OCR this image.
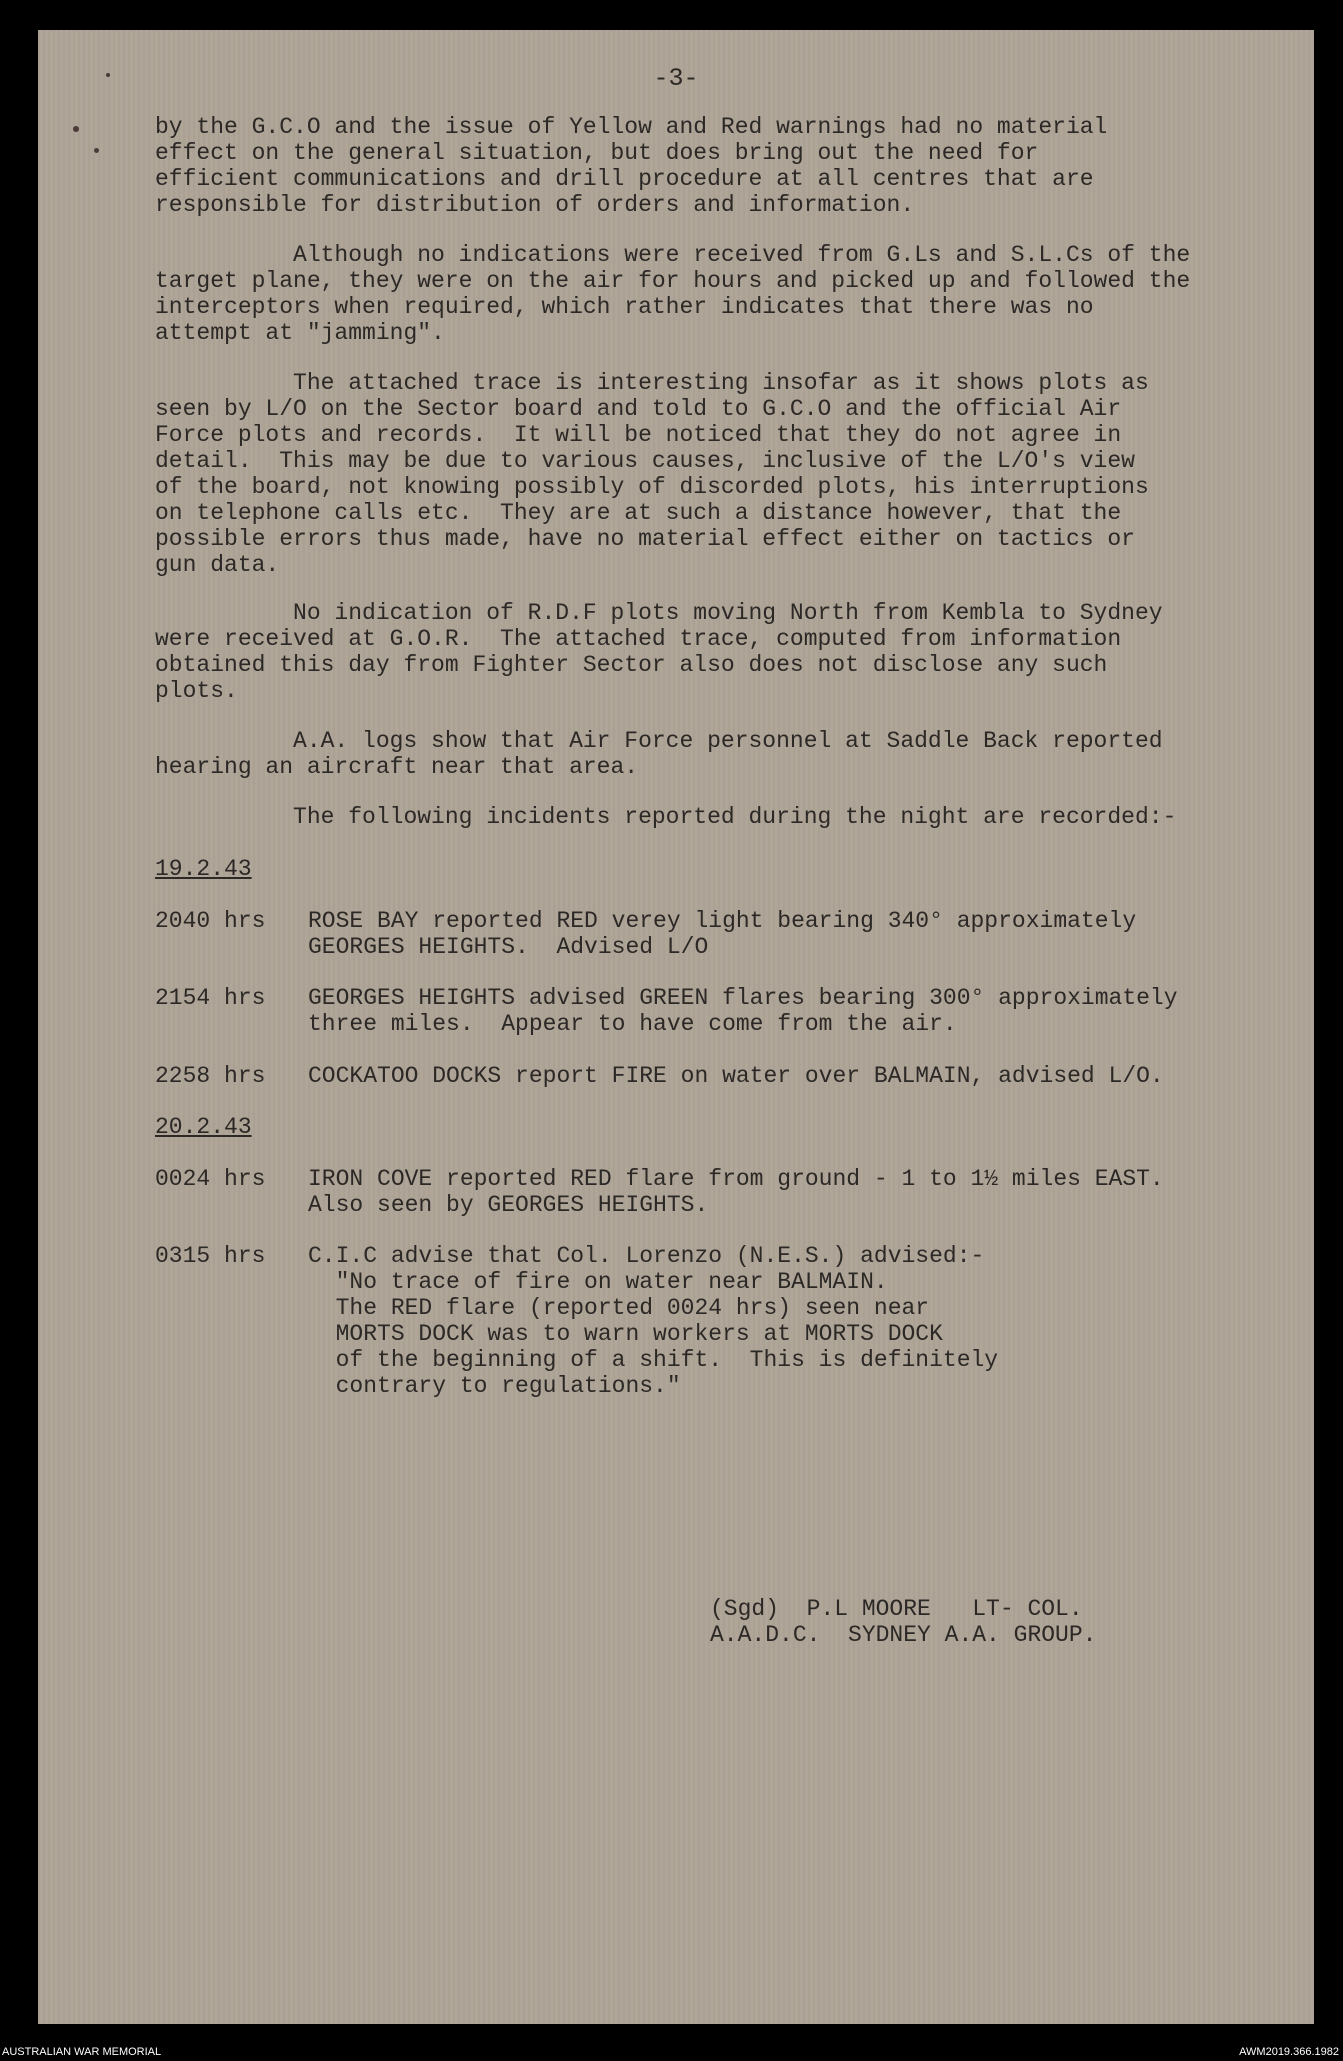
-3-
by the G.C.O and the issue of Yellow and Red warnings had no material
effect on the general situation, but does bring out the need for
efficient communications and drill procedure at all centres that are
responsible for distribution of orders and information.
Although no indications were received from G.Ls and S.L.Cs of the
target plane, they were on the air for hours and picked up and followed the
interceptors when required, which rather indicates that there was no
attempt at "jamming".
The attached trace is interesting insofar as it shows plots as
seen by L/O on the Sector board and told to G.C.O and the official Air
Force plots and records.  It will be noticed that they do not agree in
detail.  This may be due to various causes, inclusive of the L/O's view
of the board, not knowing possibly of discorded plots, his interruptions
on telephone calls etc.  They are at such a distance however, that the
possible errors thus made, have no material effect either on tactics or
gun data.
No indication of R.D.F plots moving North from Kembla to Sydney
were received at G.O.R.  The attached trace, computed from information
obtained this day from Fighter Sector also does not disclose any such
plots.
A.A. logs show that Air Force personnel at Saddle Back reported
hearing an aircraft near that area.
The following incidents reported during the night are recorded:-
19.2.43
2040 hrs ROSE BAY reported RED verey light bearing 340° approximately
GEORGES HEIGHTS.  Advised L/O
2154 hrs GEORGES HEIGHTS advised GREEN flares bearing 300° approximately
three miles.  Appear to have come from the air.
2258 hrs COCKATOO DOCKS report FIRE on water over BALMAIN, advised L/O.
20.2.43
0024 hrs IRON COVE reported RED flare from ground - 1 to 1½ miles EAST.
Also seen by GEORGES HEIGHTS.
0315 hrs C.I.C advise that Col. Lorenzo (N.E.S.) advised:-
"No trace of fire on water near BALMAIN.
The RED flare (reported 0024 hrs) seen near
MORTS DOCK was to warn workers at MORTS DOCK
of the beginning of a shift.  This is definitely
contrary to regulations."
(Sgd)  P.L MOORE   LT- COL.
A.A.D.C.  SYDNEY A.A. GROUP.
AUSTRALIAN WAR MEMORIAL	AWM2019.366.1982
